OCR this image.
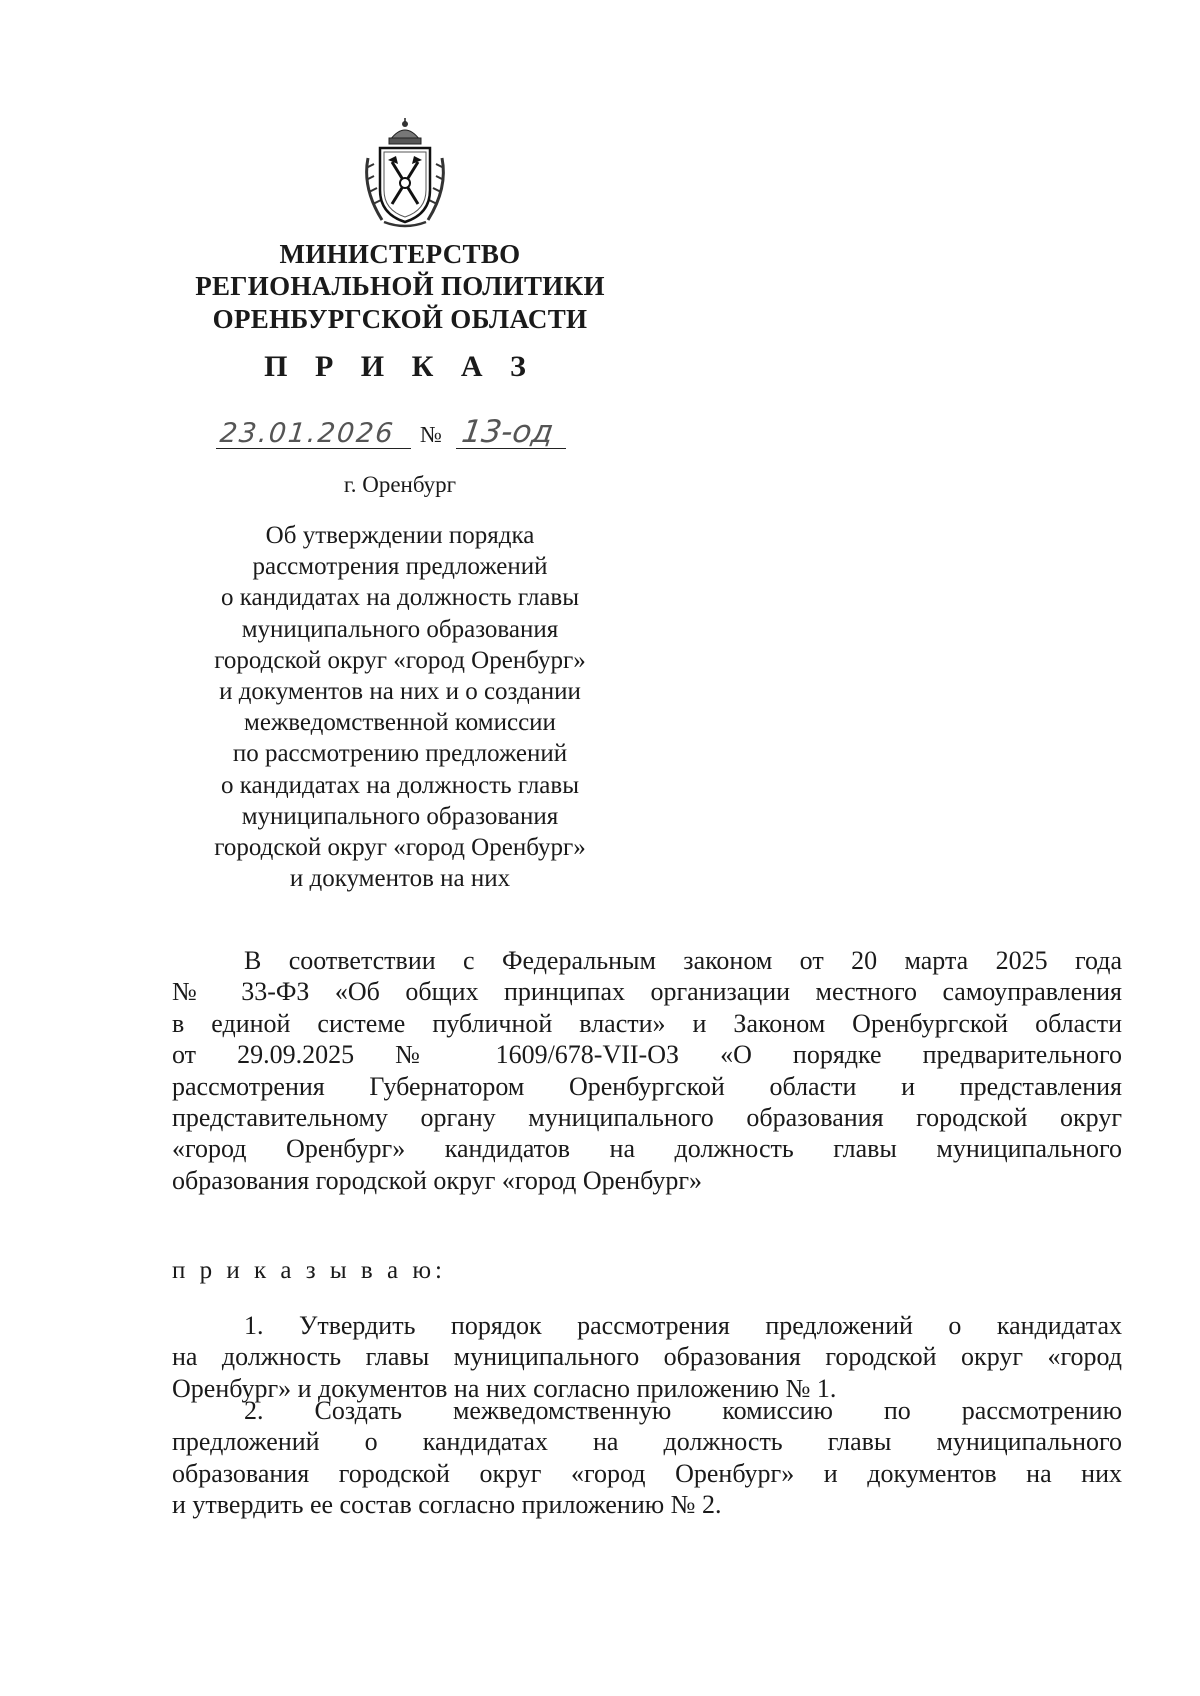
МИНИСТЕРСТВО
РЕГИОНАЛЬНОЙ ПОЛИТИКИ
ОРЕНБУРГСКОЙ ОБЛАСТИ
П Р И К А З
23.01.2026 № 13-од
г. Оренбург
Об утверждении порядка
рассмотрения предложений
о кандидатах на должность главы
муниципального образования
городской округ «город Оренбург»
и документов на них и о создании
межведомственной комиссии
по рассмотрению предложений
о кандидатах на должность главы
муниципального образования
городской округ «город Оренбург»
и документов на них
В соответствии с Федеральным законом от 20 марта 2025 года
№ 33-ФЗ «Об общих принципах организации местного самоуправления
в единой системе публичной власти» и Законом Оренбургской области
от 29.09.2025 № 1609/678-VII-ОЗ «О порядке предварительного
рассмотрения Губернатором Оренбургской области и представления
представительному органу муниципального образования городской округ
«город Оренбург» кандидатов на должность главы муниципального
образования городской округ «город Оренбург»
п р и к а з ы в а ю:
1. Утвердить порядок рассмотрения предложений о кандидатах
на должность главы муниципального образования городской округ «город
Оренбург» и документов на них согласно приложению № 1.
2. Создать межведомственную комиссию по рассмотрению
предложений о кандидатах на должность главы муниципального
образования городской округ «город Оренбург» и документов на них
и утвердить ее состав согласно приложению № 2.
